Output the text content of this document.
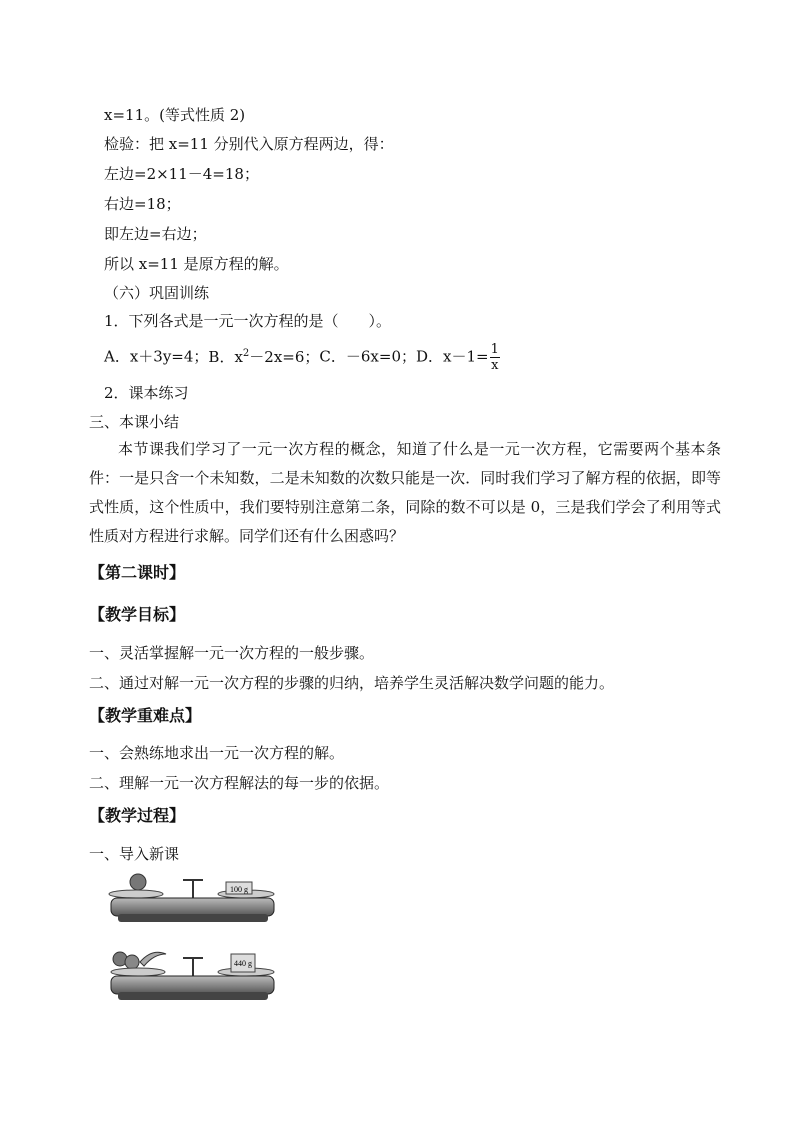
x=11。(等式性质 2)
检验：把 x=11 分别代入原方程两边，得：
左边=2×11－4=18；
右边=18；
即左边=右边；
所以 x=11 是原方程的解。
（六）巩固训练
1．下列各式是一元一次方程的是（　　）。
A．x＋3y=4；B．$x^2-2x=6$；C．－6x=0；D．$x-1= \frac{1}{x}$
2．课本练习
三、本课小结
本节课我们学习了一元一次方程的概念，知道了什么是一元一次方程，它需要两个基本条件：一是只含一个未知数，二是未知数的次数只能是一次．同时我们学习了解方程的依据，即等式性质，这个性质中，我们要特别注意第二条，同除的数不可以是 0，三是我们学会了利用等式性质对方程进行求解。同学们还有什么困惑吗？
【第二课时】
【教学目标】
一、灵活掌握解一元一次方程的一般步骤。
二、通过对解一元一次方程的步骤的归纳，培养学生灵活解决数学问题的能力。
【教学重难点】
一、会熟练地求出一元一次方程的解。
二、理解一元一次方程解法的每一步的依据。
【教学过程】
一、导入新课
100 g
440 g
